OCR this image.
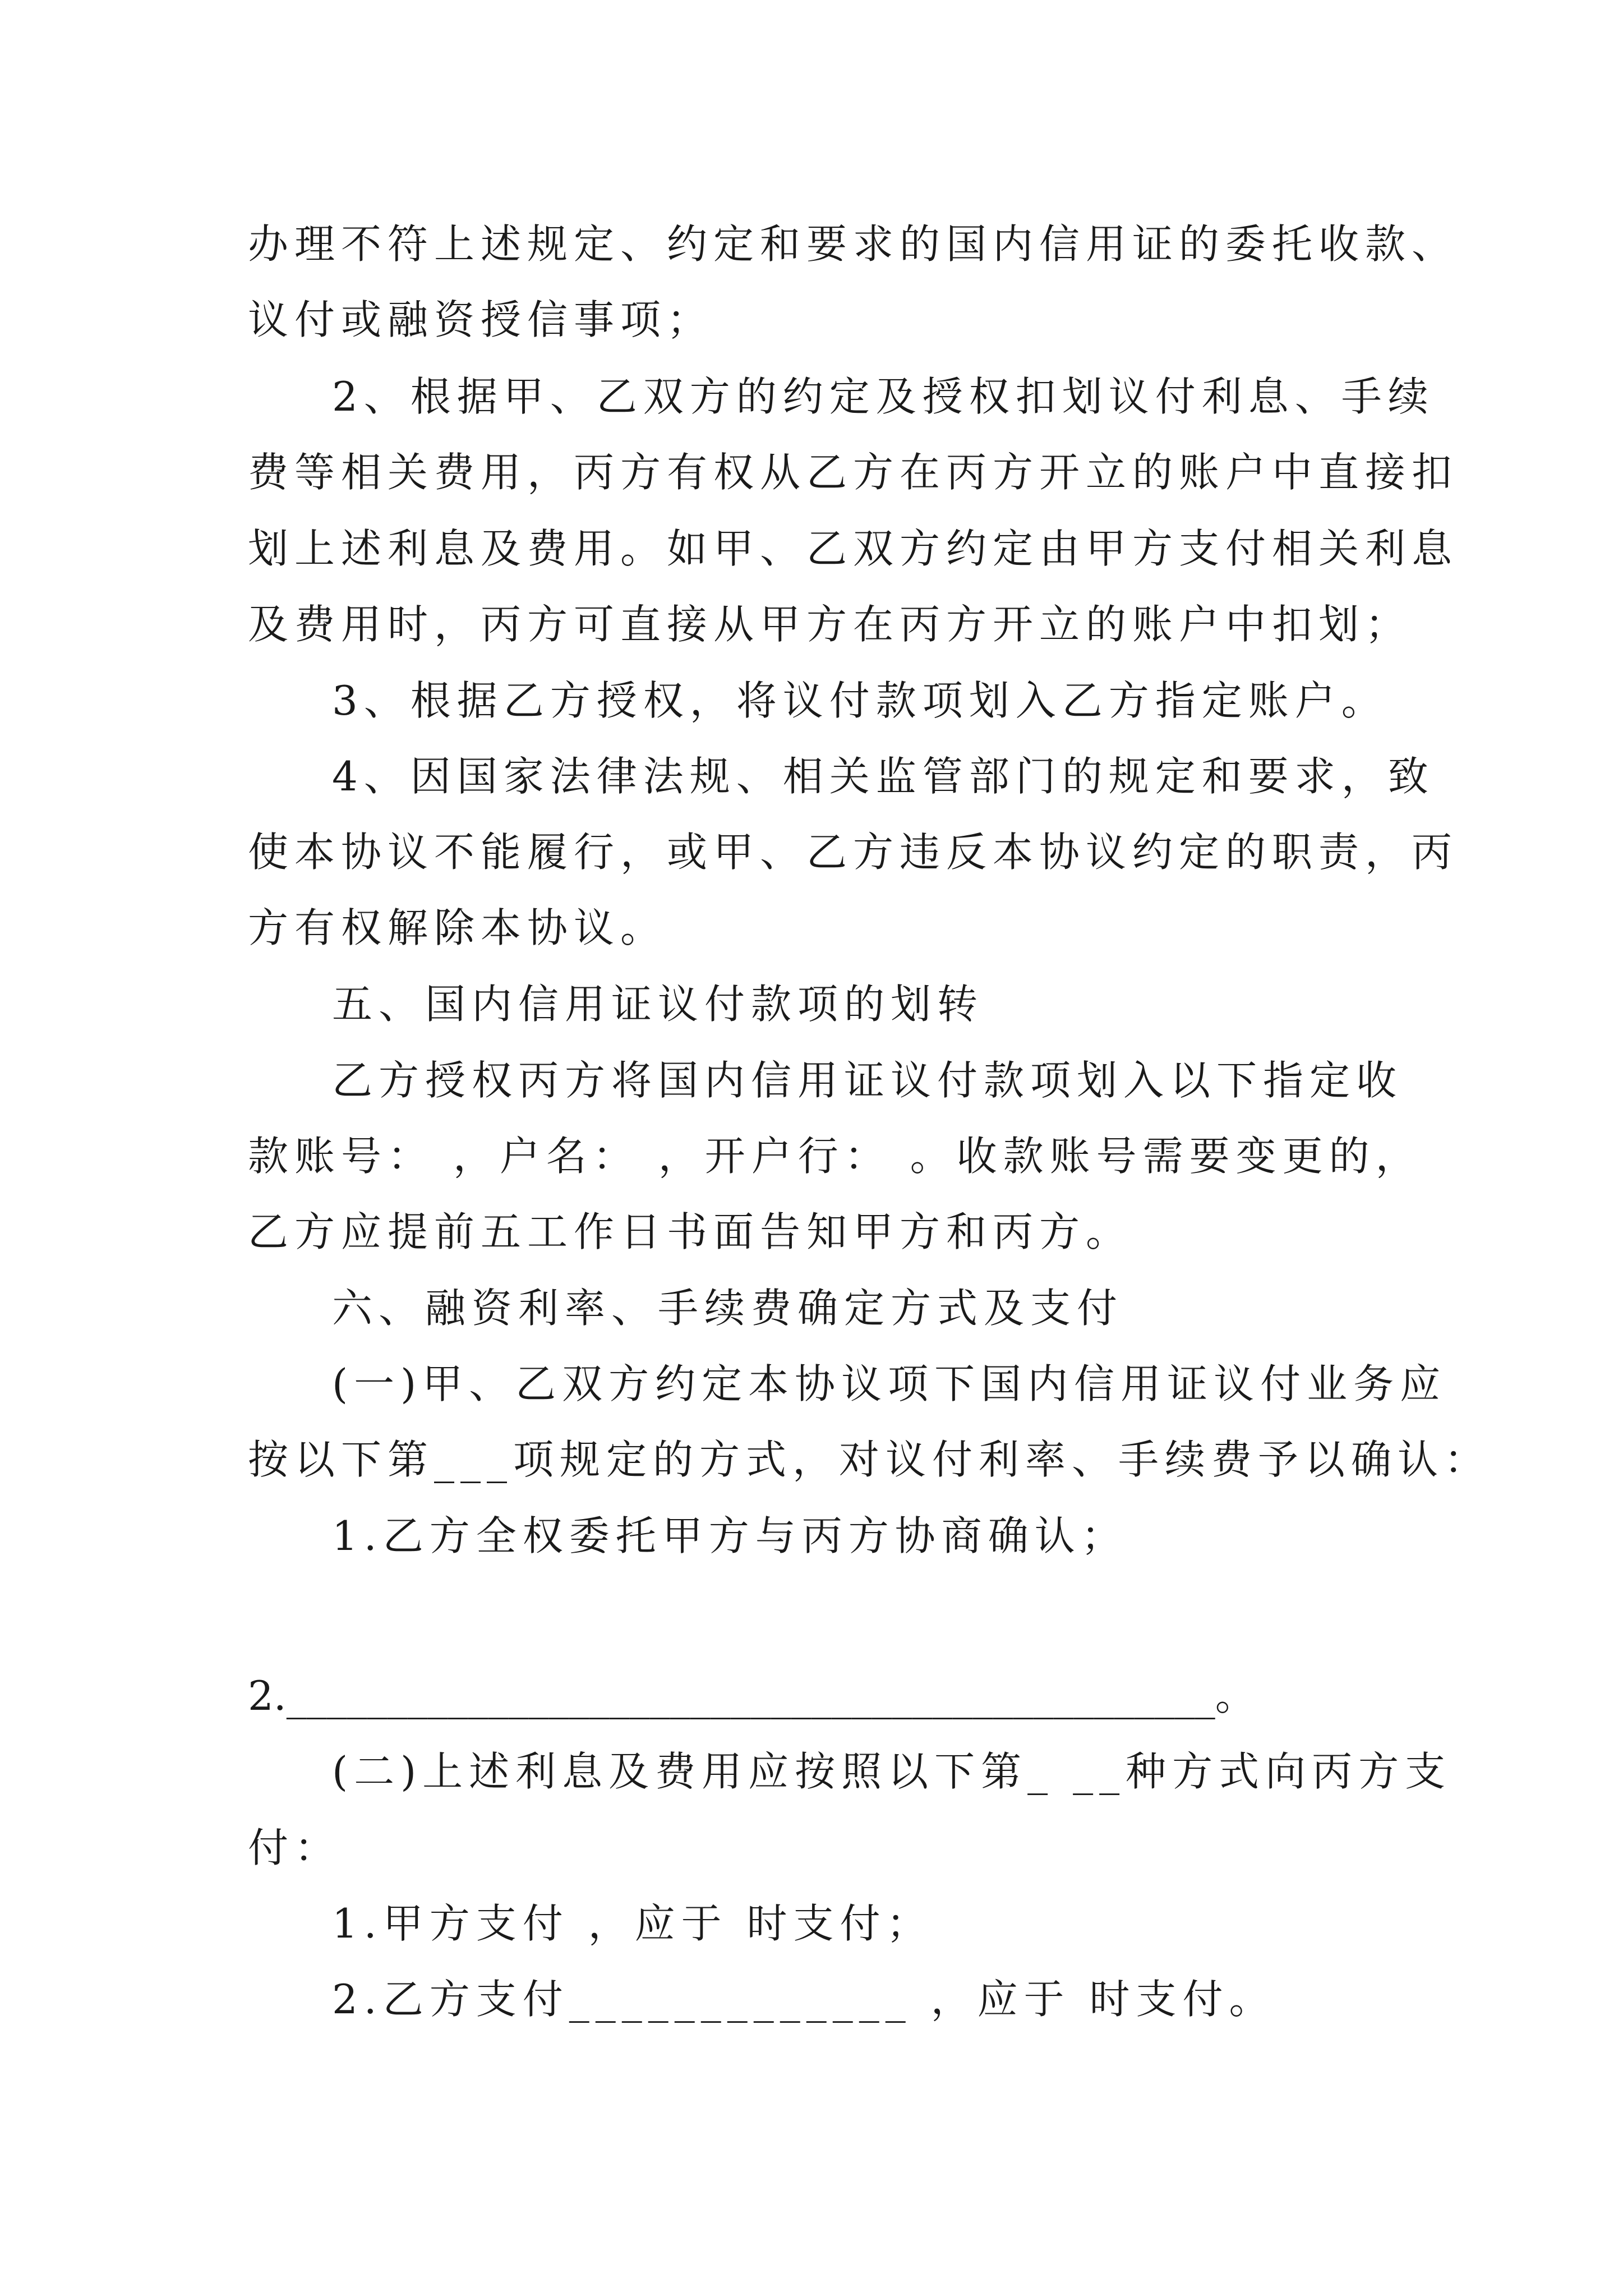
办理不符上述规定、约定和要求的国内信用证的委托收款、
议付或融资授信事项；
2、根据甲、乙双方的约定及授权扣划议付利息、手续
费等相关费用，丙方有权从乙方在丙方开立的账户中直接扣
划上述利息及费用。如甲、乙双方约定由甲方支付相关利息
及费用时，丙方可直接从甲方在丙方开立的账户中扣划；
3、根据乙方授权，将议付款项划入乙方指定账户。
4、因国家法律法规、相关监管部门的规定和要求，致
使本协议不能履行，或甲、乙方违反本协议约定的职责，丙
方有权解除本协议。
五、国内信用证议付款项的划转
乙方授权丙方将国内信用证议付款项划入以下指定收
款账号： ，户名： ，开户行： 。收款账号需要变更的，
乙方应提前五工作日书面告知甲方和丙方。
六、融资利率、手续费确定方式及支付
(一)甲、乙双方约定本协议项下国内信用证议付业务应
按以下第___项规定的方式，对议付利率、手续费予以确认：
1.乙方全权委托甲方与丙方协商确认；
2.______________________________________________。
(二)上述利息及费用应按照以下第_ __种方式向丙方支
付：
1.甲方支付 ，应于 时支付；
2.乙方支付_____________ ，应于 时支付。
